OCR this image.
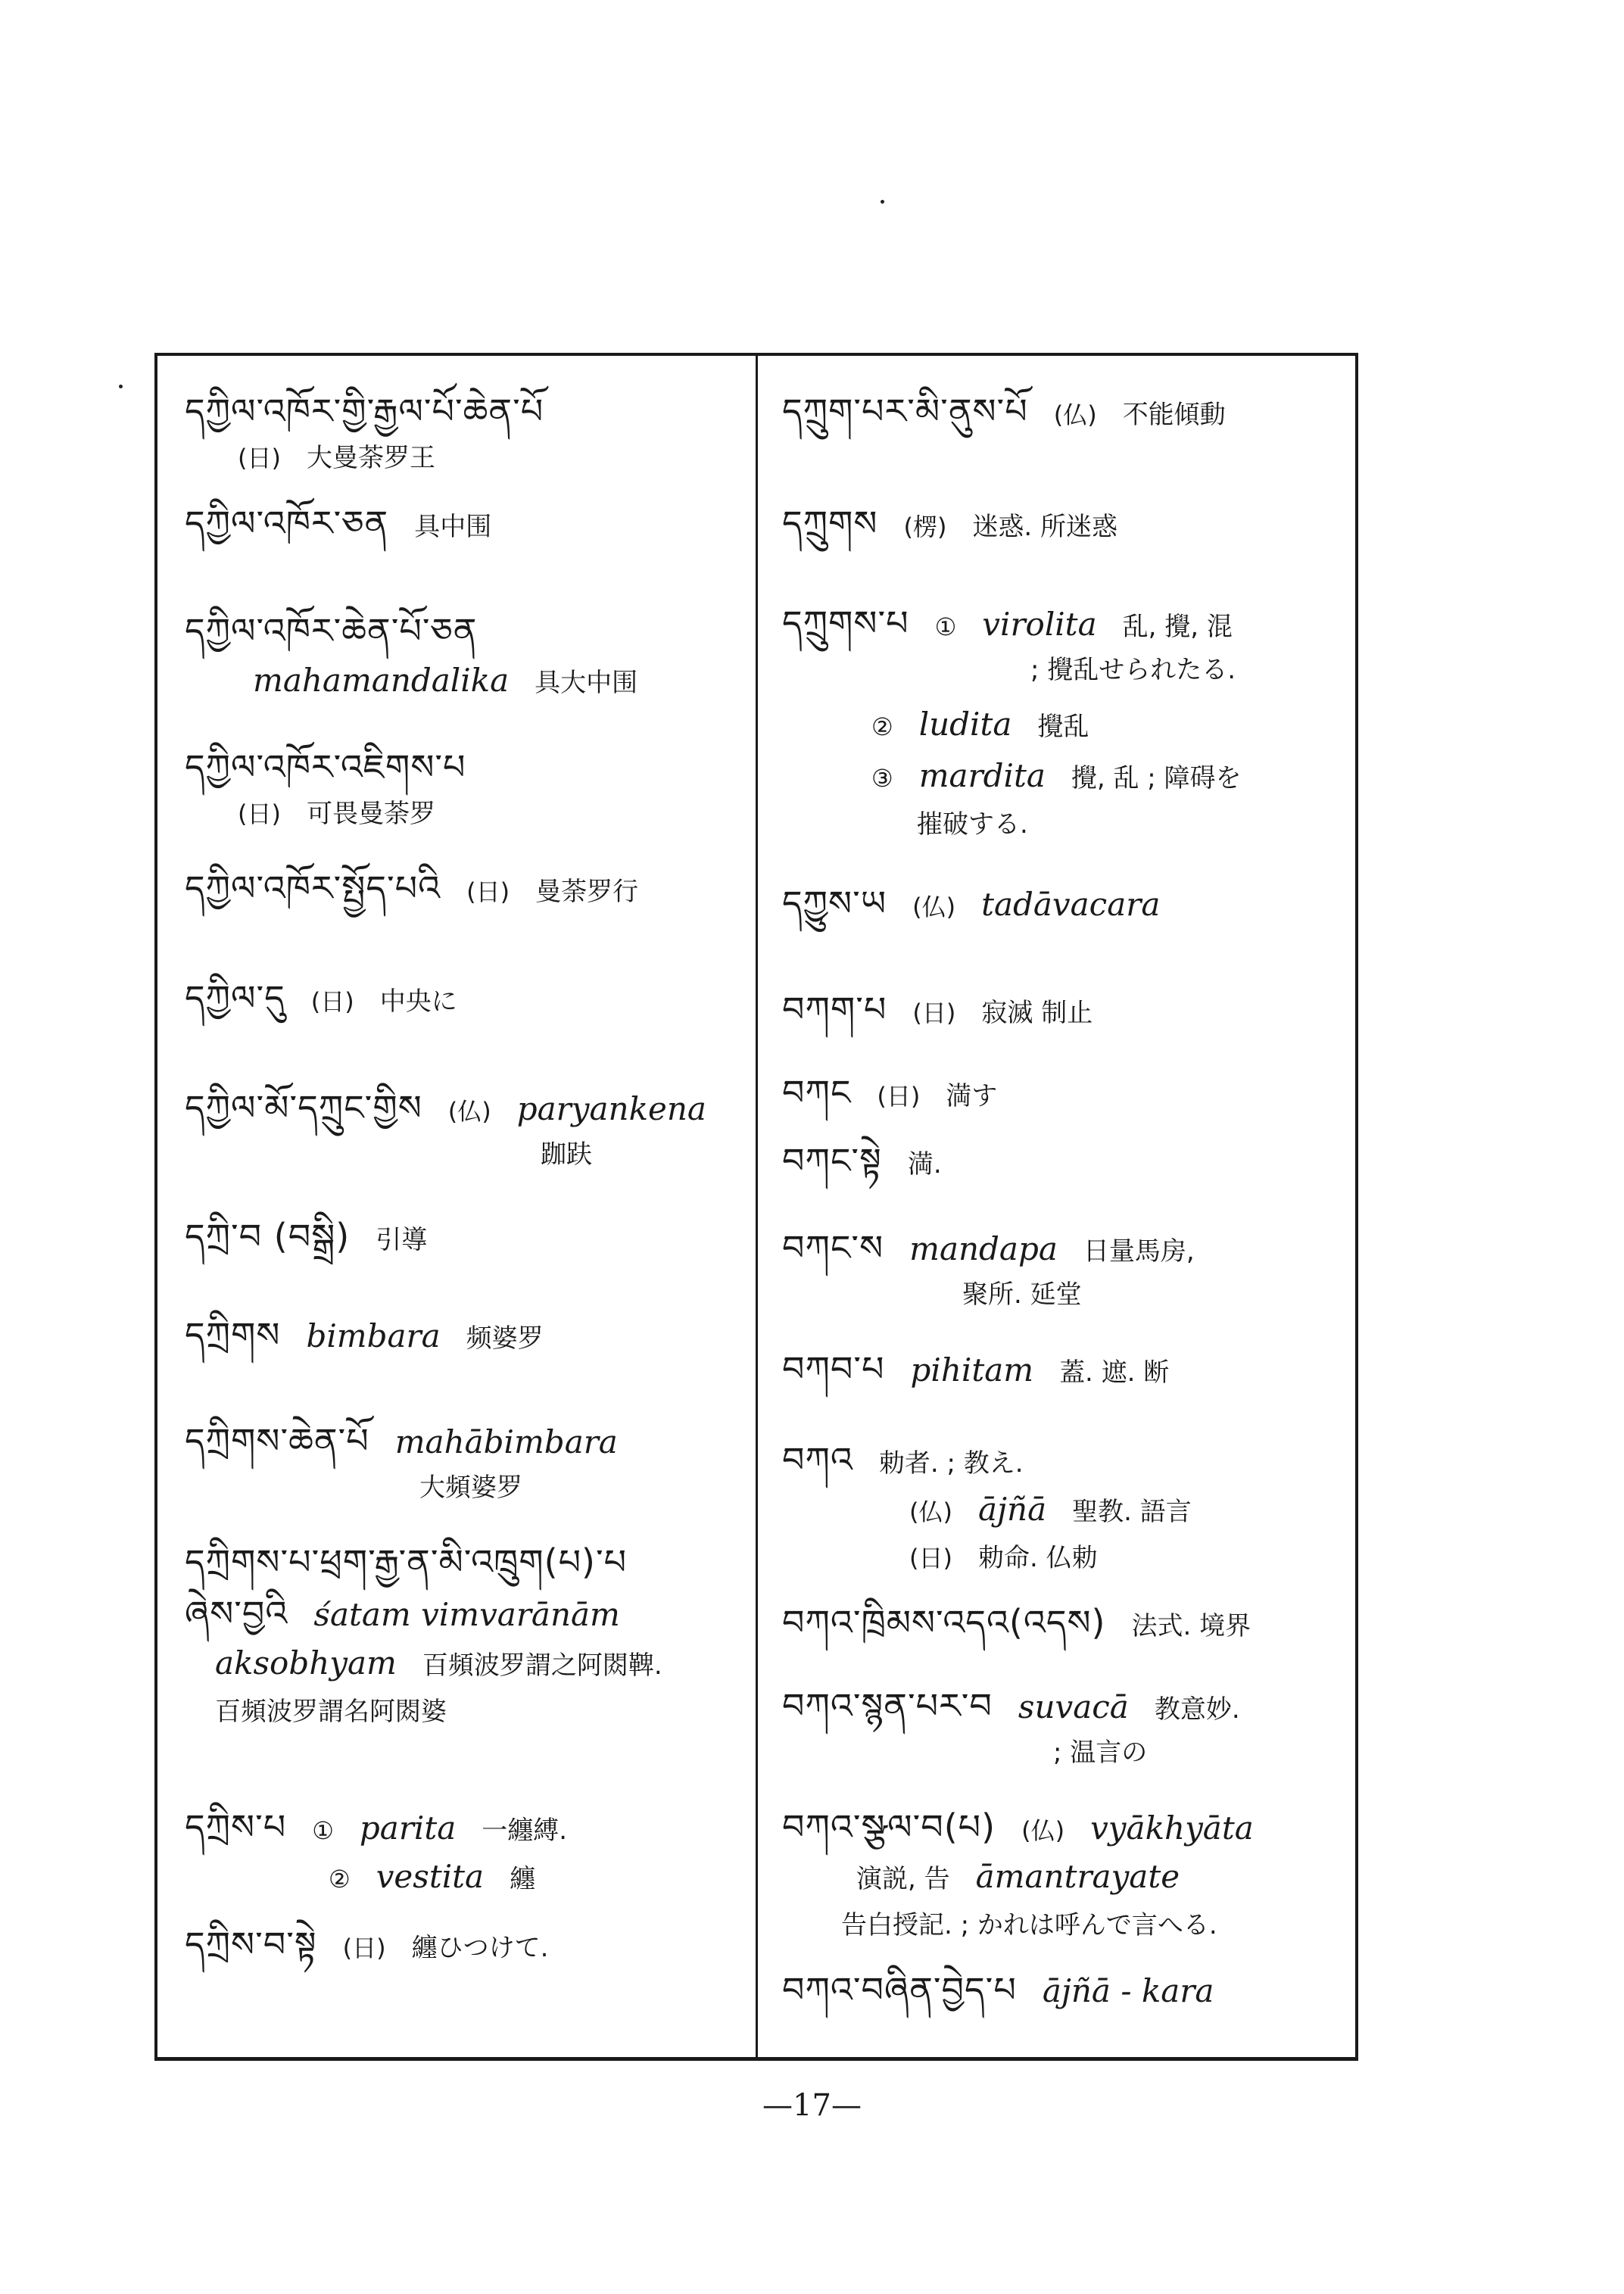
དཀྱིལ་འཁོར་གྱི་རྒྱལ་པོ་ཆེན་པོ
(日) 大曼荼罗王
དཀྱིལ་འཁོར་ཅན 具中围
དཀྱིལ་འཁོར་ཆེན་པོ་ཅན
mahamandalika 具大中围
དཀྱིལ་འཁོར་འཇིགས་པ
(日) 可畏曼荼罗
དཀྱིལ་འཁོར་སྤྱོད་པའི (日) 曼荼罗行
དཀྱིལ་དུ (日) 中央に
དཀྱིལ་མོ་དཀྲུང་གྱིས (仏) paryankena
跏趺
དཀྲི་བ (བསྒྲི) 引導
དཀྲིགས bimbara 频婆罗
དཀྲིགས་ཆེན་པོ mahābimbara
大頻婆罗
དཀྲིགས་པ་ཕྲག་རྒྱ་ན་མི་འཁྲུག(པ)་པ
ཞེས་བྱའི śatam vimvarānām
aksobhyam 百頻波罗謂之阿閦鞞.
百頻波罗謂名阿閦婆
དཀྲིས་པ ① parita 一纏縛.
② vestita 纏
དཀྲིས་བ་སྟེ (日) 纏ひつけて.
དཀྲུག་པར་མི་ནུས་པོ (仏) 不能傾動
དཀྲུགས (楞) 迷惑. 所迷惑
དཀྲུགས་པ ① virolita 乱, 攪, 混
; 攪乱せられたる.
② ludita 攪乱
③ mardita 攪, 乱 ; 障碍を
摧破する.
དཀྱུས་ཡ (仏) tadāvacara
བཀག་པ (日) 寂滅 制止
བཀང (日) 満す
བཀང་སྟེ 満.
བཀང་ས mandapa 日量馬房,
聚所. 延堂
བཀབ་པ pihitam 蓋. 遮. 断
བཀའ 勅者. ; 教え.
(仏) ājñā 聖教. 語言
(日) 勅命. 仏勅
བཀའ་ཁྲིམས་འདའ(འདས) 法式. 境界
བཀའ་སྙན་པར་བ suvacā 教意妙.
; 温言の
བཀའ་སྩལ་བ(པ) (仏) vyākhyāta
演説, 告 āmantrayate
告白授記. ; かれは呼んで言へる.
བཀའ་བཞིན་བྱེད་པ ājñā - kara
—17—
